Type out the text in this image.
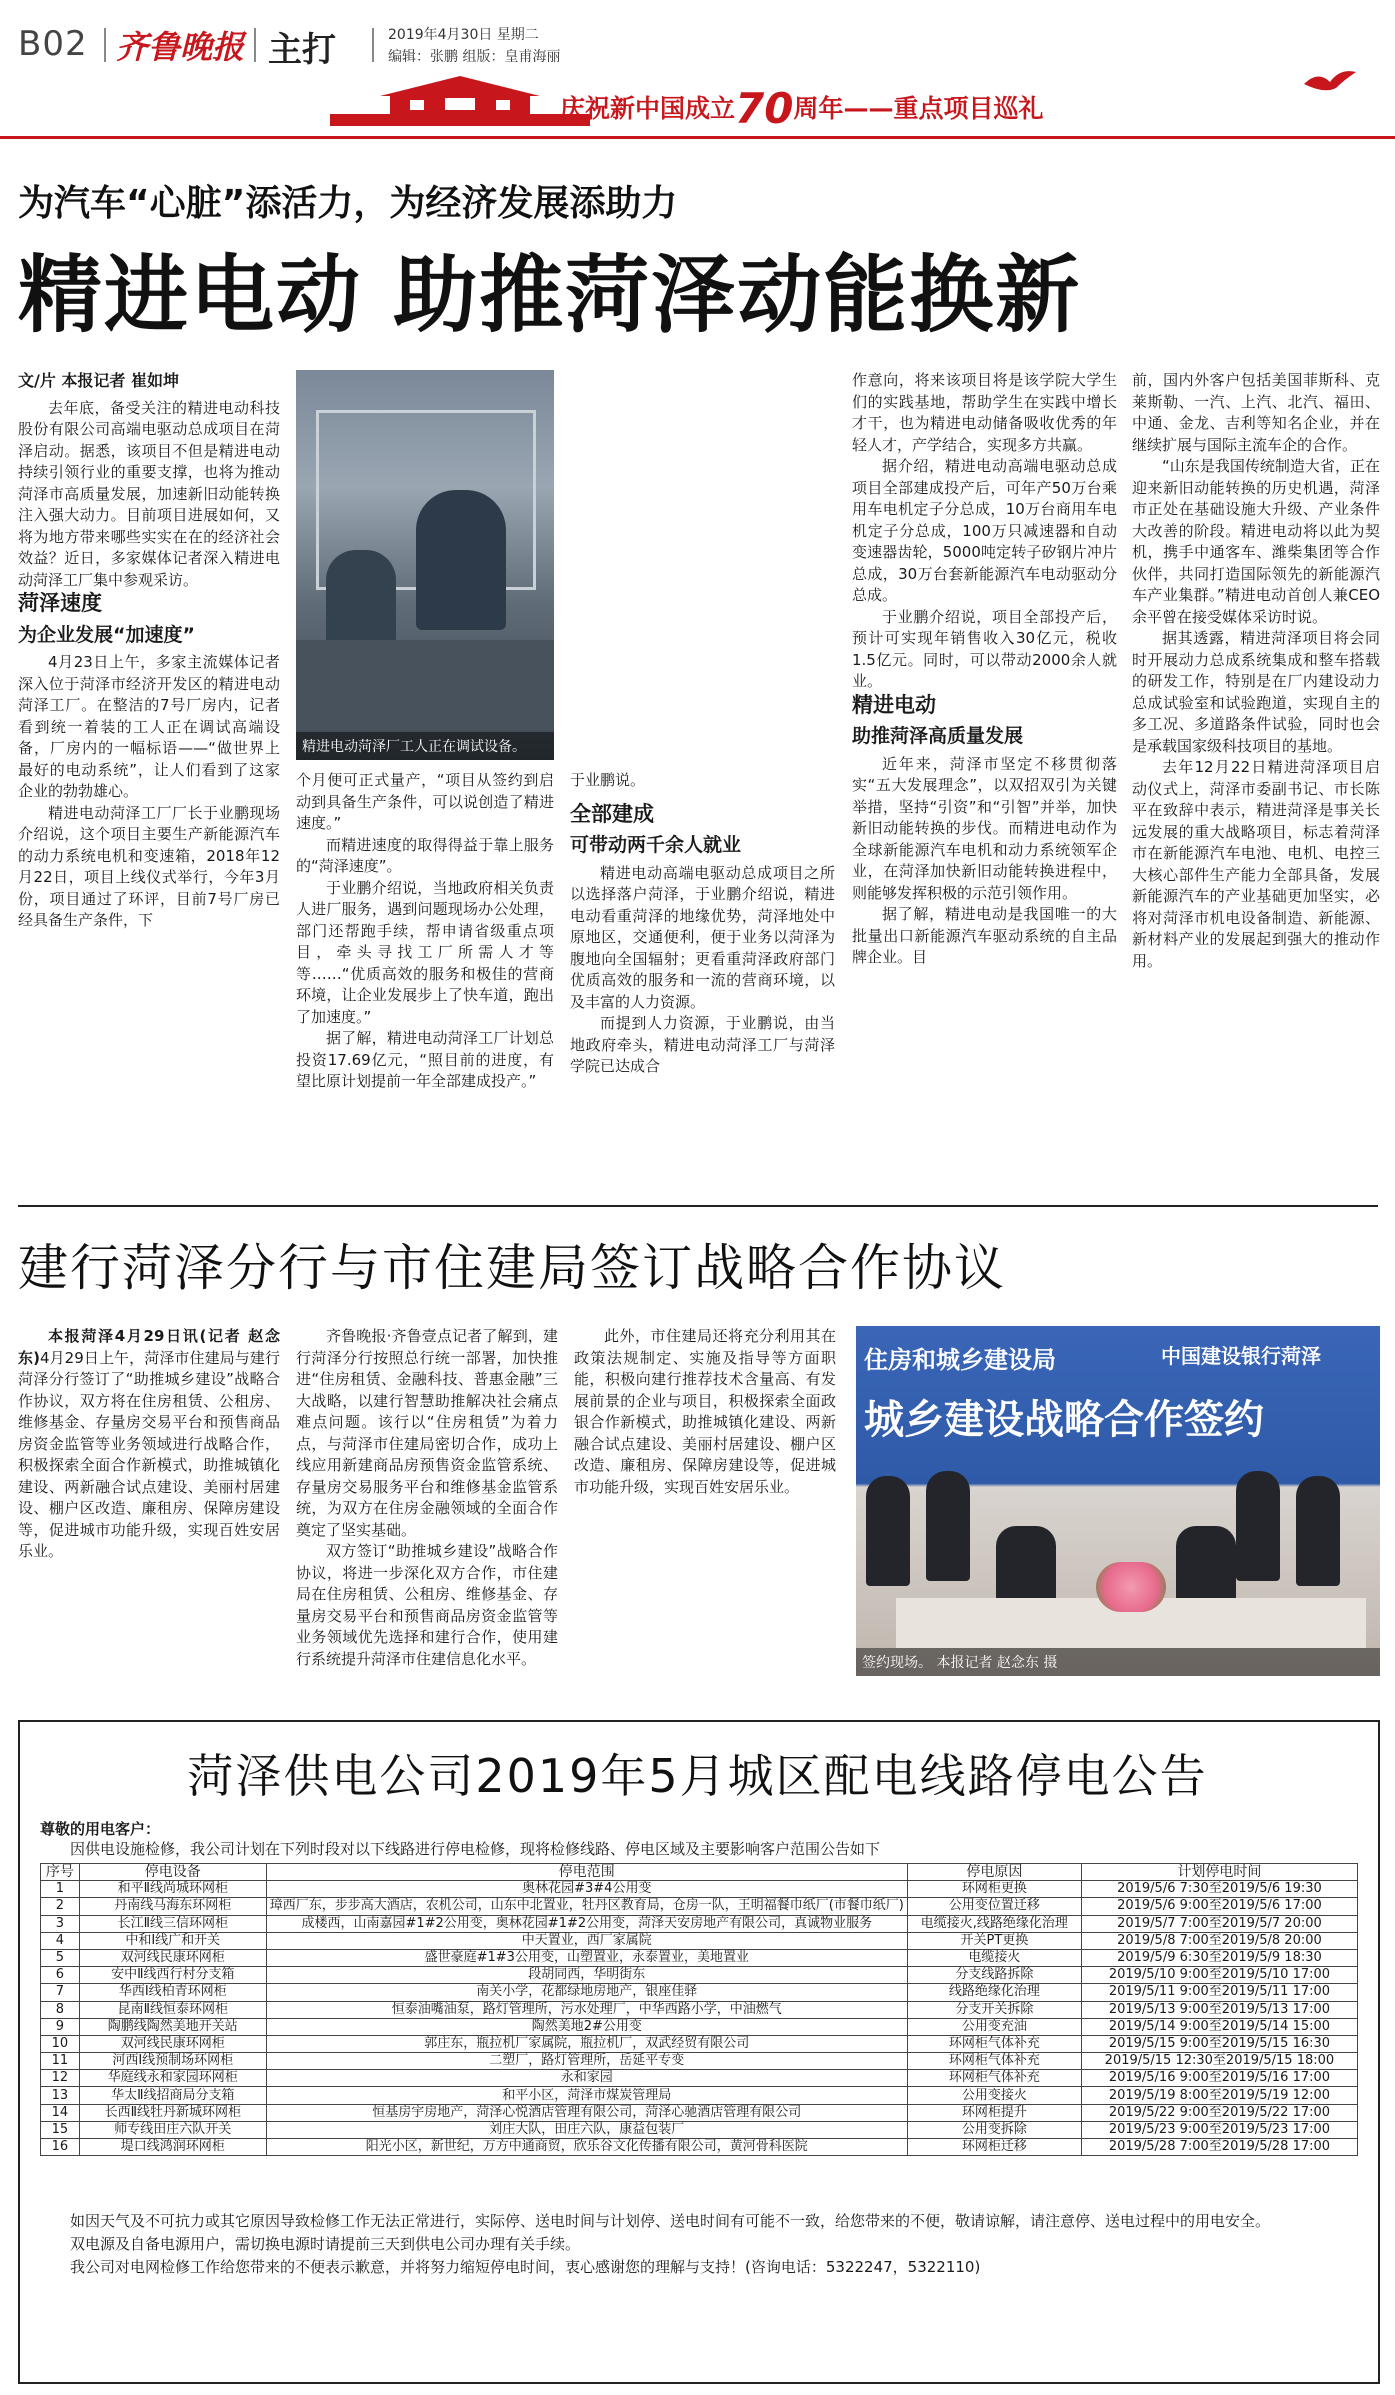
B02 齐鲁晚报 主打	2019年4月30日 星期二
编辑：张鹏 组版：皇甫海丽
庆祝新中国成立70周年——重点项目巡礼
为汽车“心脏”添活力，为经济发展添助力
精进电动 助推菏泽动能换新
文/片 本报记者 崔如坤

去年底，备受关注的精进电动科技股份有限公司高端电驱动总成项目在菏泽启动。据悉，该项目不但是精进电动持续引领行业的重要支撑，也将为推动菏泽市高质量发展，加速新旧动能转换注入强大动力。目前项目进展如何，又将为地方带来哪些实实在在的经济社会效益？近日，多家媒体记者深入精进电动菏泽工厂集中参观采访。

菏泽速度
为企业发展“加速度”

4月23日上午，多家主流媒体记者深入位于菏泽市经济开发区的精进电动菏泽工厂。在整洁的7号厂房内，记者看到统一着装的工人正在调试高端设备，厂房内的一幅标语——“做世界上最好的电动系统”，让人们看到了这家企业的勃勃雄心。

精进电动菏泽工厂厂长于业鹏现场介绍说，这个项目主要生产新能源汽车的动力系统电机和变速箱，2018年12月22日，项目上线仪式举行，今年3月份，项目通过了环评，目前7号厂房已经具备生产条件，下

精进电动菏泽厂工人正在调试设备。
个月便可正式量产，“项目从签约到启动到具备生产条件，可以说创造了精进速度。”

而精进速度的取得得益于靠上服务的“菏泽速度”。

于业鹏介绍说，当地政府相关负责人进厂服务，遇到问题现场办公处理，部门还帮跑手续，帮申请省级重点项目，牵头寻找工厂所需人才等等……“优质高效的服务和极佳的营商环境，让企业发展步上了快车道，跑出了加速度。”

据了解，精进电动菏泽工厂计划总投资17.69亿元，“照目前的进度，有望比原计划提前一年全部建成投产。”

于业鹏说。
全部建成
可带动两千余人就业

精进电动高端电驱动总成项目之所以选择落户菏泽，于业鹏介绍说，精进电动看重菏泽的地缘优势，菏泽地处中原地区，交通便利，便于业务以菏泽为腹地向全国辐射；更看重菏泽政府部门优质高效的服务和一流的营商环境，以及丰富的人力资源。

而提到人力资源，于业鹏说，由当地政府牵头，精进电动菏泽工厂与菏泽学院已达成合

作意向，将来该项目将是该学院大学生们的实践基地，帮助学生在实践中增长才干，也为精进电动储备吸收优秀的年轻人才，产学结合，实现多方共赢。

据介绍，精进电动高端电驱动总成项目全部建成投产后，可年产50万台乘用车电机定子分总成，10万台商用车电机定子分总成，100万只减速器和自动变速器齿轮，5000吨定转子矽钢片冲片总成，30万台套新能源汽车电动驱动分总成。

于业鹏介绍说，项目全部投产后，预计可实现年销售收入30亿元，税收1.5亿元。同时，可以带动2000余人就业。

精进电动
助推菏泽高质量发展

近年来，菏泽市坚定不移贯彻落实“五大发展理念”，以双招双引为关键举措，坚持“引资”和“引智”并举，加快新旧动能转换的步伐。而精进电动作为全球新能源汽车电机和动力系统领军企业，在菏泽加快新旧动能转换进程中，则能够发挥积极的示范引领作用。

据了解，精进电动是我国唯一的大批量出口新能源汽车驱动系统的自主品牌企业。目

前，国内外客户包括美国菲斯科、克莱斯勒、一汽、上汽、北汽、福田、中通、金龙、吉利等知名企业，并在继续扩展与国际主流车企的合作。

“山东是我国传统制造大省，正在迎来新旧动能转换的历史机遇，菏泽市正处在基础设施大升级、产业条件大改善的阶段。精进电动将以此为契机，携手中通客车、潍柴集团等合作伙伴，共同打造国际领先的新能源汽车产业集群。”精进电动首创人兼CEO余平曾在接受媒体采访时说。

据其透露，精进菏泽项目将会同时开展动力总成系统集成和整车搭载的研发工作，特别是在厂内建设动力总成试验室和试验跑道，实现自主的多工况、多道路条件试验，同时也会是承载国家级科技项目的基地。

去年12月22日精进菏泽项目启动仪式上，菏泽市委副书记、市长陈平在致辞中表示，精进菏泽是事关长远发展的重大战略项目，标志着菏泽市在新能源汽车电池、电机、电控三大核心部件生产能力全部具备，发展新能源汽车的产业基础更加坚实，必将对菏泽市机电设备制造、新能源、新材料产业的发展起到强大的推动作用。

建行菏泽分行与市住建局签订战略合作协议

本报菏泽4月29日讯(记者 赵念东)4月29日上午，菏泽市住建局与建行菏泽分行签订了“助推城乡建设”战略合作协议，双方将在住房租赁、公租房、维修基金、存量房交易平台和预售商品房资金监管等业务领域进行战略合作，积极探索全面合作新模式，助推城镇化建设、两新融合试点建设、美丽村居建设、棚户区改造、廉租房、保障房建设等，促进城市功能升级，实现百姓安居乐业。

齐鲁晚报·齐鲁壹点记者了解到，建行菏泽分行按照总行统一部署，加快推进“住房租赁、金融科技、普惠金融”三大战略，以建行智慧助推解决社会痛点难点问题。该行以“住房租赁”为着力点，与菏泽市住建局密切合作，成功上线应用新建商品房预售资金监管系统、存量房交易服务平台和维修基金监管系统，为双方在住房金融领域的全面合作奠定了坚实基础。

双方签订“助推城乡建设”战略合作协议，将进一步深化双方合作，市住建局在住房租赁、公租房、维修基金、存量房交易平台和预售商品房资金监管等业务领域优先选择和建行合作，使用建行系统提升菏泽市住建信息化水平。

此外，市住建局还将充分利用其在政策法规制定、实施及指导等方面职能，积极向建行推荐技术含量高、有发展前景的企业与项目，积极探索全面政银合作新模式，助推城镇化建设、两新融合试点建设、美丽村居建设、棚户区改造、廉租房、保障房建设等，促进城市功能升级，实现百姓安居乐业。

住房和城乡建设局	中国建设银行菏泽
城乡建设战略合作签约
签约现场。 本报记者 赵念东 摄
菏泽供电公司2019年5月城区配电线路停电公告
尊敬的用电客户：
因供电设施检修，我公司计划在下列时段对以下线路进行停电检修，现将检修线路、停电区域及主要影响客户范围公告如下
序号	停电设备	停电范围	停电原因	计划停电时间
1	和平Ⅱ线尚城环网柜	奥林花园#3#4公用变	环网柜更换	2019/5/6 7:30至2019/5/6 19:30
2	丹南线马海东环网柜	璋西厂东，步步高大酒店，农机公司，山东中北置业，牡丹区教育局，仓房一队，王明福餐巾纸厂(市餐巾纸厂)	公用变位置迁移	2019/5/6 9:00至2019/5/6 17:00
3	长江Ⅱ线三信环网柜	成楼西，山南嘉园#1#2公用变，奥林花园#1#2公用变，菏泽天安房地产有限公司，真诚物业服务	电缆接火,线路绝缘化治理	2019/5/7 7:00至2019/5/7 20:00
4	中和Ⅰ线广和开关	中天置业，西厂家属院	开关PT更换	2019/5/8 7:00至2019/5/8 20:00
5	双河线民康环网柜	盛世豪庭#1#3公用变，山塑置业，永泰置业，美地置业	电缆接火	2019/5/9 6:30至2019/5/9 18:30
6	安中Ⅱ线西行村分支箱	段胡同西，华明街东	分支线路拆除	2019/5/10 9:00至2019/5/10 17:00
7	华西Ⅰ线柏青环网柜	南关小学，花都绿地房地产，银座佳驿	线路绝缘化治理	2019/5/11 9:00至2019/5/11 17:00
8	昆南Ⅱ线恒泰环网柜	恒泰油嘴油泵，路灯管理所，污水处理厂，中华西路小学，中油燃气	分支开关拆除	2019/5/13 9:00至2019/5/13 17:00
9	陶鹏线陶然美地开关站	陶然美地2#公用变	公用变充油	2019/5/14 9:00至2019/5/14 15:00
10	双河线民康环网柜	郭庄东，瓶拉机厂家属院，瓶拉机厂，双武经贸有限公司	环网柜气体补充	2019/5/15 9:00至2019/5/15 16:30
11	河西Ⅰ线预制场环网柜	二塑厂，路灯管理所，岳延平专变	环网柜气体补充	2019/5/15 12:30至2019/5/15 18:00
12	华庭线永和家园环网柜	永和家园	环网柜气体补充	2019/5/16 9:00至2019/5/16 17:00
13	华太Ⅱ线招商局分支箱	和平小区，菏泽市煤炭管理局	公用变接火	2019/5/19 8:00至2019/5/19 12:00
14	长西Ⅱ线牡丹新城环网柜	恒基房宇房地产，菏泽心悦酒店管理有限公司，菏泽心驰酒店管理有限公司	环网柜提升	2019/5/22 9:00至2019/5/22 17:00
15	师专线田庄六队开关	刘庄大队，田庄六队，康益包装厂	公用变拆除	2019/5/23 9:00至2019/5/23 17:00
16	堤口线鸿润环网柜	阳光小区，新世纪，万方中通商贸，欣乐谷文化传播有限公司，黄河骨科医院	环网柜迁移	2019/5/28 7:00至2019/5/28 17:00

如因天气及不可抗力或其它原因导致检修工作无法正常进行，实际停、送电时间与计划停、送电时间有可能不一致，给您带来的不便，敬请谅解，请注意停、送电过程中的用电安全。

双电源及自备电源用户，需切换电源时请提前三天到供电公司办理有关手续。

我公司对电网检修工作给您带来的不便表示歉意，并将努力缩短停电时间，衷心感谢您的理解与支持！(咨询电话：5322247，5322110)
